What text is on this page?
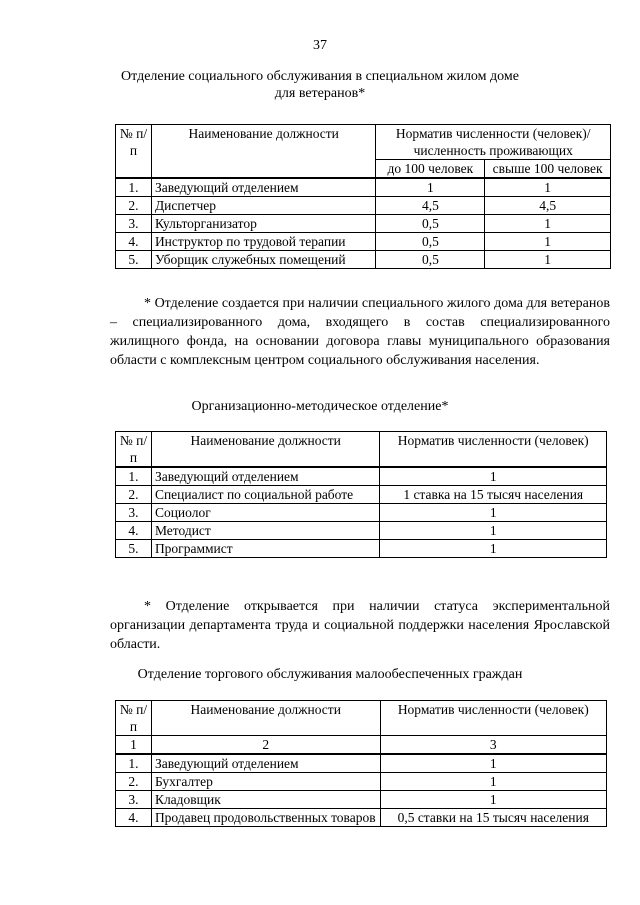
37
Отделение социального обслуживания в специальном жилом доме
для ветеранов*
№ п/п	Наименование должности	Норматив численности (человек)/ численность проживающих	
		до 100 человек	свыше 100 человек
1.	Заведующий отделением	1	1
2.	Диспетчер	4,5	4,5
3.	Культорганизатор	0,5	1
4.	Инструктор по трудовой терапии	0,5	1
5.	Уборщик служебных помещений	0,5	1
* Отделение создается при наличии специального жилого дома для ветеранов – специализированного дома, входящего в состав специализированного жилищного фонда, на основании договора главы муниципального образования области с комплексным центром социального обслуживания населения.
Организационно-методическое отделение*
№ п/п	Наименование должности	Норматив численности (человек)
1.	Заведующий отделением	1
2.	Специалист по социальной работе	1 ставка на 15 тысяч населения
3.	Социолог	1
4.	Методист	1
5.	Программист	1
* Отделение открывается при наличии статуса экспериментальной организации департамента труда и социальной поддержки населения Ярославской области.
Отделение торгового обслуживания малообеспеченных граждан
№ п/п	Наименование должности	Норматив численности (человек)
1	2	3
1.	Заведующий отделением	1
2.	Бухгалтер	1
3.	Кладовщик	1
4.	Продавец продовольственных товаров	0,5 ставки на 15 тысяч населения
